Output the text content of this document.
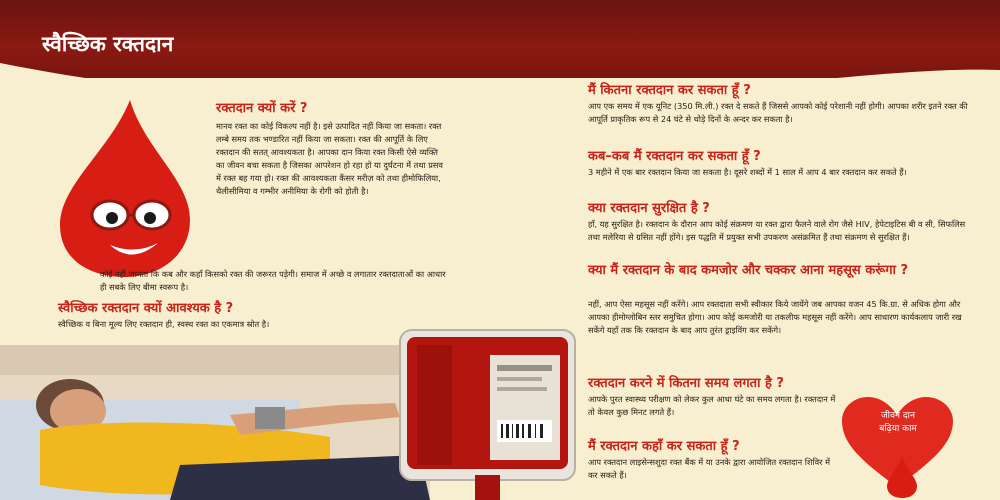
स्वैच्छिक रक्तदान
रक्तदान क्यों करें ?

मानव रक्त का कोई विकल्प नहीं है। इसे उत्पादित नहीं किया जा सकता। रक्त लम्बे समय तक भण्डारित नहीं किया जा सकता। रक्त की आपूर्ति के लिए रक्तदान की सतत् आवश्यकता है। आपका दान किया रक्त किसी ऐसे व्यक्ति का जीवन बचा सकता है जिसका आपरेशन हो रहा हो या दुर्घटना में तथा प्रसव में रक्त बह गया हो। रक्त की आवश्यकता कैंसर मरीज़ को तथा हीमोफिलिया, थैलीसीमिया व गम्भीर अनीमिया के रोगी को होती है।

कोई नहीं जानता कि कब और कहाँ किसको रक्त की जरूरत पड़ेगी। समाज में अच्छे व लगातार रक्तदाताओं का आधार ही सबके लिए बीमा स्वरूप है।

स्वैच्छिक रक्तदान क्यों आवश्यक है ?

स्वैच्छिक व बिना मूल्य लिए रक्तदान ही, स्वस्थ रक्त का एकमात्र स्रोत है।

मैं कितना रक्तदान कर सकता हूँ ?

आप एक समय में एक यूनिट (350 मि.ली.) रक्त दे सकते हैं जिससे आपको कोई परेशानी नहीं होगी। आपका शरीर इतने रक्त की आपूर्ति प्राकृतिक रूप से 24 घंटे से थोड़े दिनों के अन्दर कर सकता है।

कब–कब मैं रक्तदान कर सकता हूँ ?

3 महीने में एक बार रक्तदान किया जा सकता है। दूसरे शब्दों में 1 साल में आप 4 बार रक्तदान कर सकते हैं।

क्या रक्तदान सुरक्षित है ?

हाँ, यह सुरक्षित है। रक्तदान के दौरान आप कोई संक्रमण या रक्त द्वारा फैलने वाले रोग जैसे HIV, हेपेटाइटिस बी व सी, सिफलिस तथा मलेरिया से ग्रसित नहीं होंगे। इस पद्धति में प्रयुक्त सभी उपकरण असंक्रमित हैं तथा संक्रमण से सुरक्षित हैं।

क्या मैं रक्तदान के बाद कमजोर और चक्कर आना महसूस करूंगा ?

नहीं, आप ऐसा महसूस नहीं करेंगे। आप रक्तदाता सभी स्वीकार किये जायेंगे जब आपका वजन 45 कि.ग्रा. से अधिक होगा और आपका हीमोग्लोबिन स्तर समुचित होगा। आप कोई कमजोरी या तकलीफ महसूस नहीं करेंगे। आप साधारण कार्यकलाप जारी रख सकेंगे यहाँ तक कि रक्तदान के बाद आप तुरंत ड्राइविंग कर सकेंगे।

रक्तदान करने में कितना समय लगता है ?

आपके पुरत स्वास्थ्य परीक्षण को लेकर कुल आधा घंटे का समय लगता है। रक्तदान में तो केवल कुछ मिनट लगते हैं।

मैं रक्तदान कहाँ कर सकता हूँ ?

आप रक्तदान लाइसेन्सशुदा रक्त बैंक में या उनके द्वारा आयोजित रक्तदान शिविर में कर सकते हैं।

जीवन दान
बढ़िया काम
